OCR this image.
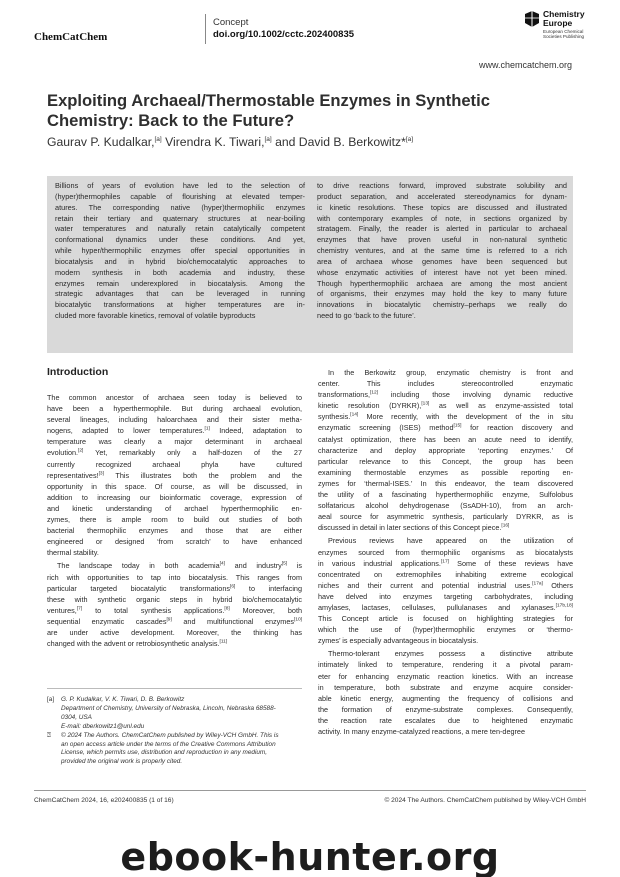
ChemCatChem
Concept
doi.org/10.1002/cctc.202400835
Chemistry
Europe
European Chemical
Societies Publishing
www.chemcatchem.org
Exploiting Archaeal/Thermostable Enzymes in Synthetic
Chemistry: Back to the Future?
Gaurav P. Kudalkar,[a] Virendra K. Tiwari,[a] and David B. Berkowitz*[a]
Billions of years of evolution have led to the selection of
(hyper)thermophiles capable of flourishing at elevated temper-
atures. The corresponding native (hyper)thermophilic enzymes
retain their tertiary and quaternary structures at near-boiling
water temperatures and naturally retain catalytically competent
conformational dynamics under these conditions. And yet,
while hyper/thermophilic enzymes offer special opportunities in
biocatalysis and in hybrid bio/chemocatalytic approaches to
modern synthesis in both academia and industry, these
enzymes remain underexplored in biocatalysis. Among the
strategic advantages that can be leveraged in running
biocatalytic transformations at higher temperatures are in-
cluded more favorable kinetics, removal of volatile byproducts
to drive reactions forward, improved substrate solubility and
product separation, and accelerated stereodynamics for dynam-
ic kinetic resolutions. These topics are discussed and illustrated
with contemporary examples of note, in sections organized by
stratagem. Finally, the reader is alerted in particular to archaeal
enzymes that have proven useful in non-natural synthetic
chemistry ventures, and at the same time is referred to a rich
area of archaea whose genomes have been sequenced but
whose enzymatic activities of interest have not yet been mined.
Though hyperthermophilic archaea are among the most ancient
of organisms, their enzymes may hold the key to many future
innovations in biocatalytic chemistry–perhaps we really do
need to go ‘back to the future’.
Introduction
The common ancestor of archaea seen today is believed to
have been a hyperthermophile. But during archaeal evolution,
several lineages, including haloarchaea and their sister metha-
nogens, adapted to lower temperatures.[1] Indeed, adaptation to
temperature was clearly a major determinant in archaeal
evolution.[2] Yet, remarkably only a half-dozen of the 27
currently recognized archaeal phyla have cultured
representatives![3] This illustrates both the problem and the
opportunity in this space. Of course, as will be discussed, in
addition to increasing our bioinformatic coverage, expression of
and kinetic understanding of archael hyperthermophilic en-
zymes, there is ample room to build out studies of both
bacterial thermophilic enzymes and those that are either
engineered or designed ‘from scratch’ to have enhanced
thermal stability.
The landscape today in both academia[4] and industry[5] is
rich with opportunities to tap into biocatalysis. This ranges from
particular targeted biocatalytic transformations[6] to interfacing
these with synthetic organic steps in hybrid bio/chemocatalytic
ventures,[7] to total synthesis applications.[8] Moreover, both
sequential enzymatic cascades[9] and multifunctional enzymes[10]
are under active development. Moreover, the thinking has
changed with the advent or retrobiosynthetic analysis.[11]
In the Berkowitz group, enzymatic chemistry is front and
center. This includes stereocontrolled enzymatic
transformations,[12] including those involving dynamic reductive
kinetic resolution (DYRKR),[13] as well as enzyme-assisted total
synthesis.[14] More recently, with the development of the in situ
enzymatic screening (ISES) method[15] for reaction discovery and
catalyst optimization, there has been an acute need to identify,
characterize and deploy appropriate ‘reporting enzymes.’ Of
particular relevance to this Concept, the group has been
examining thermostable enzymes as possible reporting en-
zymes for ‘thermal-ISES.’ In this endeavor, the team discovered
the utility of a fascinating hyperthermophilic enzyme, Sulfolobus
solfataricus alcohol dehydrogenase (SsADH-10), from an arch-
aeal source for asymmetric synthesis, particularly DYRKR, as is
discussed in detail in later sections of this Concept piece.[16]
Previous reviews have appeared on the utilization of
enzymes sourced from thermophilic organisms as biocatalysts
in various industrial applications.[17] Some of these reviews have
concentrated on extremophiles inhabiting extreme ecological
niches and their current and potential industrial uses.[17a] Others
have delved into enzymes targeting carbohydrates, including
amylases, lactases, cellulases, pullulanases and xylanases.[17b,18]
This Concept article is focused on highlighting strategies for
which the use of (hyper)thermophilic enzymes or ‘thermo-
zymes’ is especially advantageous in biocatalysis.
Thermo-tolerant enzymes possess a distinctive attribute
intimately linked to temperature, rendering it a pivotal param-
eter for enhancing enzymatic reaction kinetics. With an increase
in temperature, both substrate and enzyme acquire consider-
able kinetic energy, augmenting the frequency of collisions and
the formation of enzyme-substrate complexes. Consequently,
the reaction rate escalates due to heightened enzymatic
activity. In many enzyme-catalyzed reactions, a mere ten-degree
[a]	G. P. Kudalkar, V. K. Tiwari, D. B. Berkowitz
Department of Chemistry, University of Nebraska, Lincoln, Nebraska 68588-
0304, USA
E-mail: dberkowitz1@unl.edu
⍰	© 2024 The Authors. ChemCatChem published by Wiley-VCH GmbH. This is
an open access article under the terms of the Creative Commons Attribution
License, which permits use, distribution and reproduction in any medium,
provided the original work is properly cited.
ChemCatChem 2024, 16, e202400835 (1 of 16)	© 2024 The Authors. ChemCatChem published by Wiley-VCH GmbH
ebook-hunter.org
